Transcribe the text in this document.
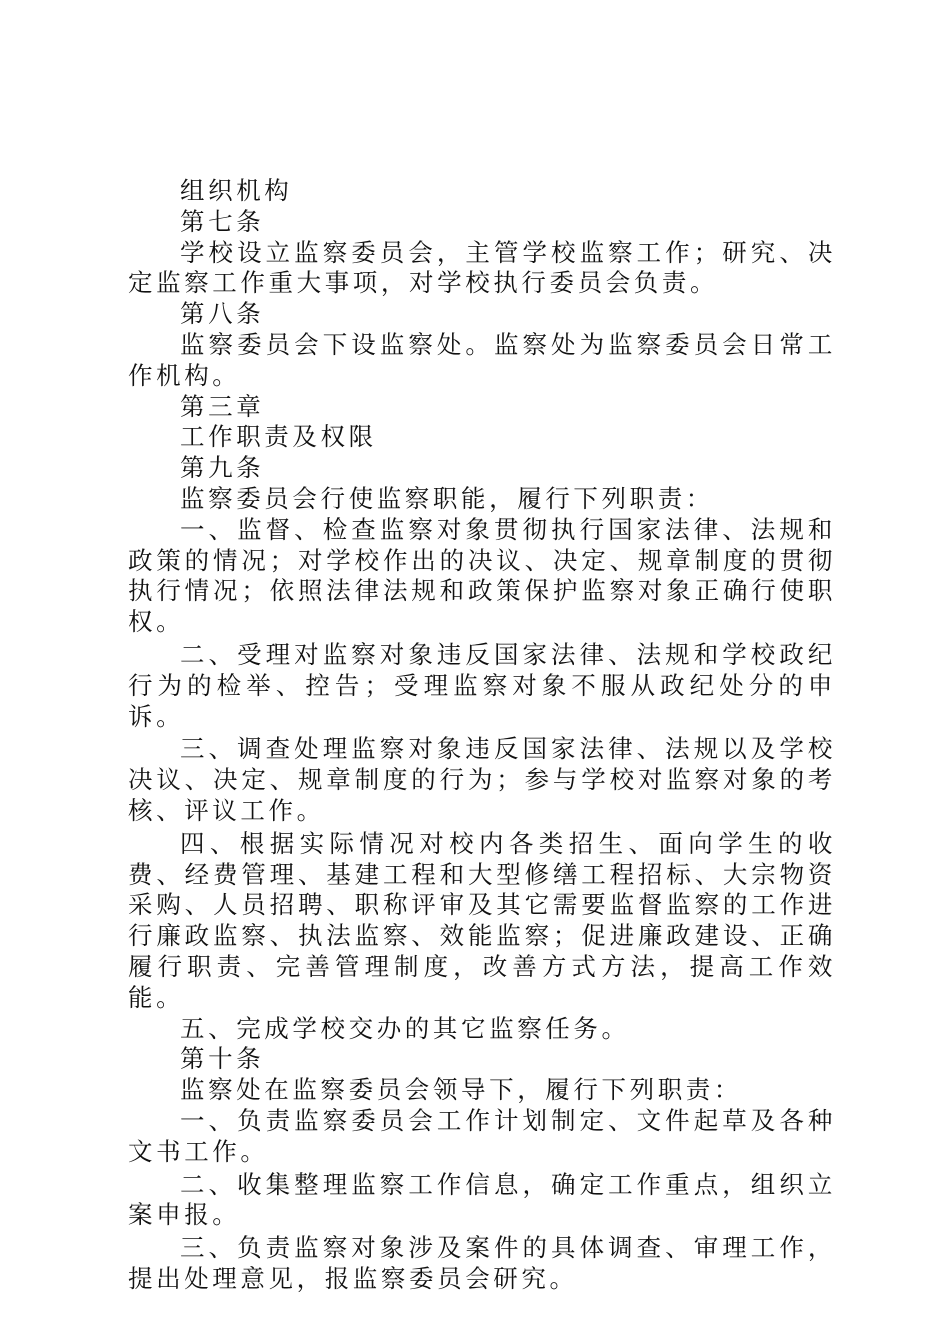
组织机构

第七条

学校设立监察委员会，主管学校监察工作；研究、决定监察工作重大事项，对学校执行委员会负责。

第八条

监察委员会下设监察处。监察处为监察委员会日常工作机构。

第三章

工作职责及权限

第九条

监察委员会行使监察职能，履行下列职责：

一、监督、检查监察对象贯彻执行国家法律、法规和政策的情况；对学校作出的决议、决定、规章制度的贯彻执行情况；依照法律法规和政策保护监察对象正确行使职权。

二、受理对监察对象违反国家法律、法规和学校政纪行为的检举、控告；受理监察对象不服从政纪处分的申诉。

三、调查处理监察对象违反国家法律、法规以及学校决议、决定、规章制度的行为；参与学校对监察对象的考核、评议工作。

四、根据实际情况对校内各类招生、面向学生的收费、经费管理、基建工程和大型修缮工程招标、大宗物资采购、人员招聘、职称评审及其它需要监督监察的工作进行廉政监察、执法监察、效能监察；促进廉政建设、正确履行职责、完善管理制度，改善方式方法，提高工作效能。

五、完成学校交办的其它监察任务。

第十条

监察处在监察委员会领导下，履行下列职责：

一、负责监察委员会工作计划制定、文件起草及各种文书工作。

二、收集整理监察工作信息，确定工作重点，组织立案申报。

三、负责监察对象涉及案件的具体调查、审理工作，提出处理意见，报监察委员会研究。
